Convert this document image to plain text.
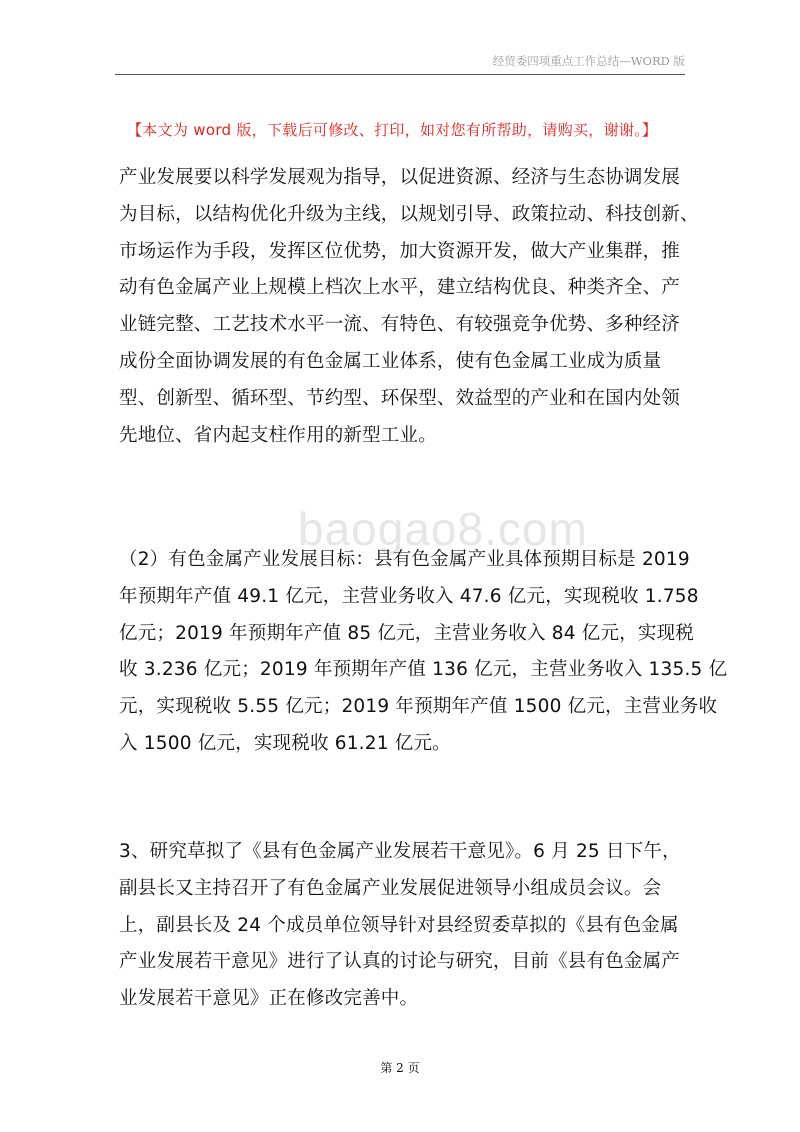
经贸委四项重点工作总结—WORD 版
【本文为 word 版，下载后可修改、打印，如对您有所帮助，请购买，谢谢。】
baogao8.com
产业发展要以科学发展观为指导，以促进资源、经济与生态协调发展
为目标，以结构优化升级为主线，以规划引导、政策拉动、科技创新、
市场运作为手段，发挥区位优势，加大资源开发，做大产业集群，推
动有色金属产业上规模上档次上水平，建立结构优良、种类齐全、产
业链完整、工艺技术水平一流、有特色、有较强竞争优势、多种经济
成份全面协调发展的有色金属工业体系，使有色金属工业成为质量
型、创新型、循环型、节约型、环保型、效益型的产业和在国内处领
先地位、省内起支柱作用的新型工业。
（2）有色金属产业发展目标：县有色金属产业具体预期目标是 2019
年预期年产值 49.1 亿元，主营业务收入 47.6 亿元，实现税收 1.758
亿元；2019 年预期年产值 85 亿元，主营业务收入 84 亿元，实现税
收 3.236 亿元；2019 年预期年产值 136 亿元，主营业务收入 135.5 亿
元，实现税收 5.55 亿元；2019 年预期年产值 1500 亿元，主营业务收
入 1500 亿元，实现税收 61.21 亿元。
3、研究草拟了《县有色金属产业发展若干意见》。6 月 25 日下午，
副县长又主持召开了有色金属产业发展促进领导小组成员会议。会
上，副县长及 24 个成员单位领导针对县经贸委草拟的《县有色金属
产业发展若干意见》进行了认真的讨论与研究，目前《县有色金属产
业发展若干意见》正在修改完善中。
第 2 页
